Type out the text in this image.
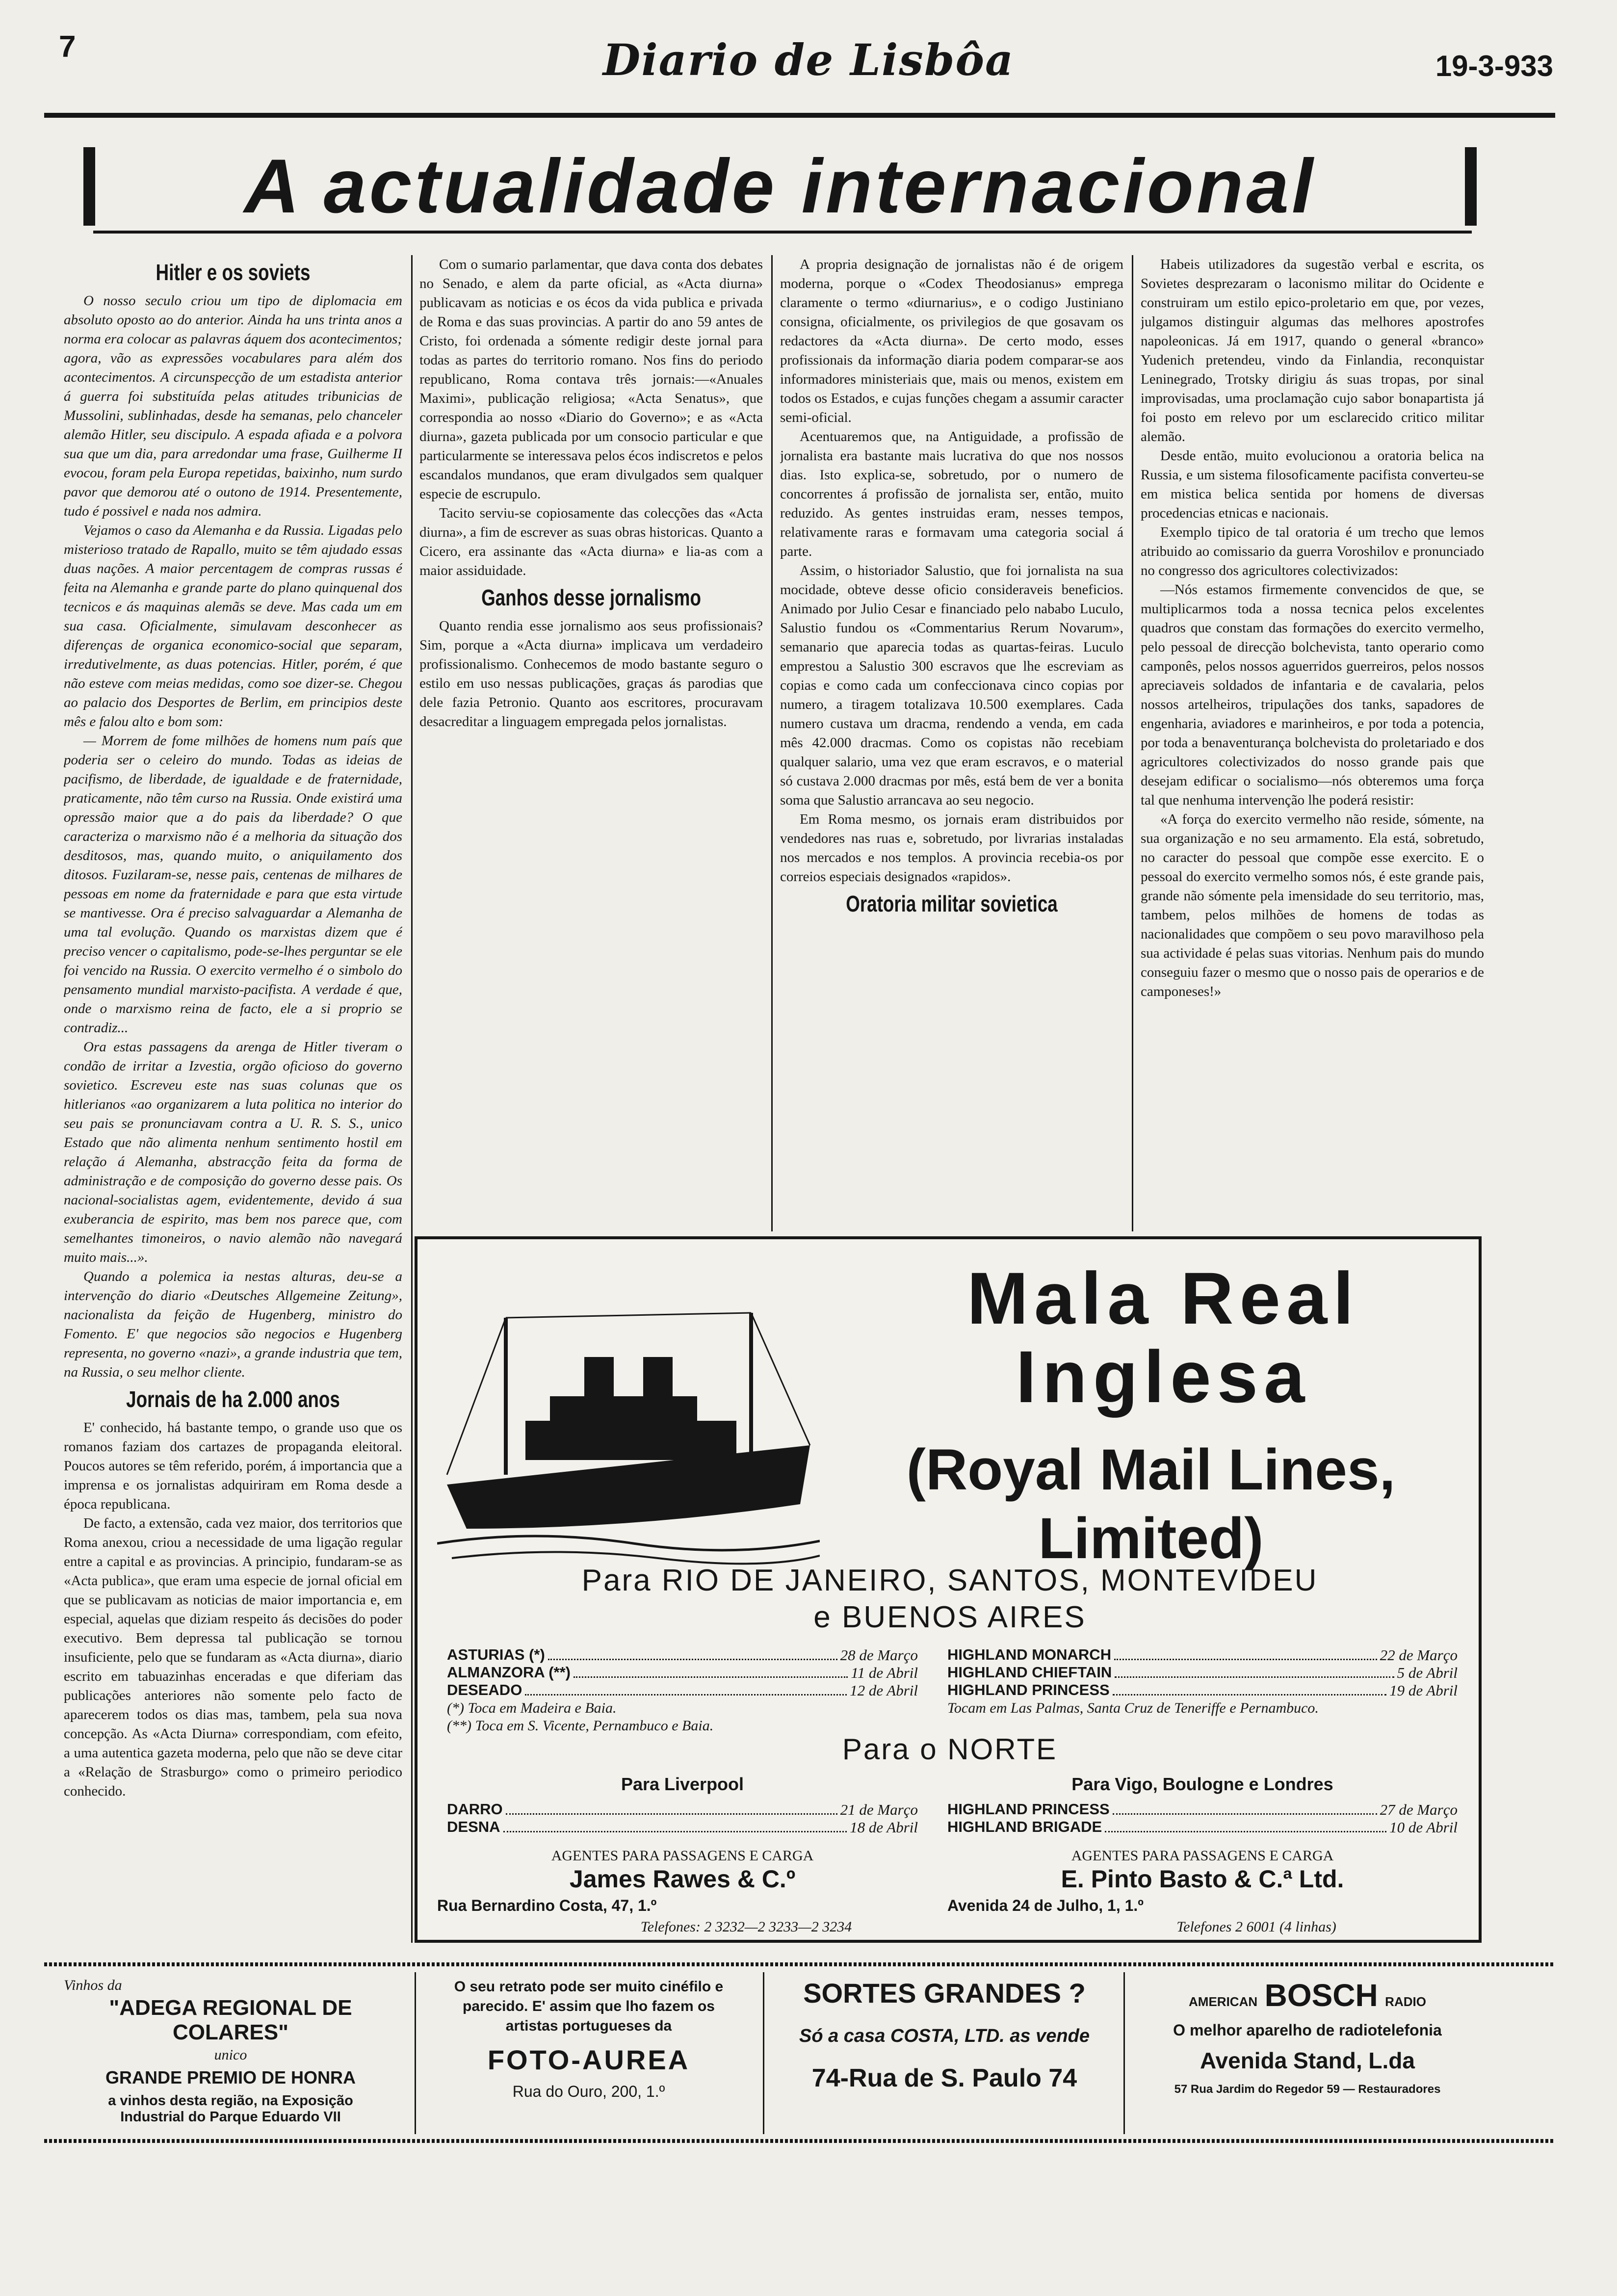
7	Diario de Lisbôa	19-3-933
A actualidade internacional
Hitler e os soviets

O nosso seculo criou um tipo de diplomacia em absoluto oposto ao do anterior. Ainda ha uns trinta anos a norma era colocar as palavras áquem dos acontecimentos; agora, vão as expressões vocabulares para além dos acontecimentos. A circunspecção de um estadista anterior á guerra foi substituída pelas atitudes tribunicias de Mussolini, sublinhadas, desde ha semanas, pelo chanceler alemão Hitler, seu discipulo. A espada afiada e a polvora sua que um dia, para arredondar uma frase, Guilherme II evocou, foram pela Europa repetidas, baixinho, num surdo pavor que demorou até o outono de 1914. Presentemente, tudo é possivel e nada nos admira.

Vejamos o caso da Alemanha e da Russia. Ligadas pelo misterioso tratado de Rapallo, muito se têm ajudado essas duas nações. A maior percentagem de compras russas é feita na Alemanha e grande parte do plano quinquenal dos tecnicos e ás maquinas alemãs se deve. Mas cada um em sua casa. Oficialmente, simulavam desconhecer as diferenças de organica economico-social que separam, irredutivelmente, as duas potencias. Hitler, porém, é que não esteve com meias medidas, como soe dizer-se. Chegou ao palacio dos Desportes de Berlim, em principios deste mês e falou alto e bom som:

— Morrem de fome milhões de homens num país que poderia ser o celeiro do mundo. Todas as ideias de pacifismo, de liberdade, de igualdade e de fraternidade, praticamente, não têm curso na Russia. Onde existirá uma opressão maior que a do pais da liberdade? O que caracteriza o marxismo não é a melhoria da situação dos desditosos, mas, quando muito, o aniquilamento dos ditosos. Fuzilaram-se, nesse pais, centenas de milhares de pessoas em nome da fraternidade e para que esta virtude se mantivesse. Ora é preciso salvaguardar a Alemanha de uma tal evolução. Quando os marxistas dizem que é preciso vencer o capitalismo, pode-se-lhes perguntar se ele foi vencido na Russia. O exercito vermelho é o simbolo do pensamento mundial marxisto-pacifista. A verdade é que, onde o marxismo reina de facto, ele a si proprio se contradiz...

Ora estas passagens da arenga de Hitler tiveram o condão de irritar a Izvestia, orgão oficioso do governo sovietico. Escreveu este nas suas colunas que os hitlerianos «ao organizarem a luta politica no interior do seu pais se pronunciavam contra a U. R. S. S., unico Estado que não alimenta nenhum sentimento hostil em relação á Alemanha, abstracção feita da forma de administração e de composição do governo desse pais. Os nacional-socialistas agem, evidentemente, devido á sua exuberancia de espirito, mas bem nos parece que, com semelhantes timoneiros, o navio alemão não navegará muito mais...».

Quando a polemica ia nestas alturas, deu-se a intervenção do diario «Deutsches Allgemeine Zeitung», nacionalista da feição de Hugenberg, ministro do Fomento. E' que negocios são negocios e Hugenberg representa, no governo «nazi», a grande industria que tem, na Russia, o seu melhor cliente.

Jornais de ha 2.000 anos

E' conhecido, há bastante tempo, o grande uso que os romanos faziam dos cartazes de propaganda eleitoral. Poucos autores se têm referido, porém, á importancia que a imprensa e os jornalistas adquiriram em Roma desde a época republicana.

De facto, a extensão, cada vez maior, dos territorios que Roma anexou, criou a necessidade de uma ligação regular entre a capital e as provincias. A principio, fundaram-se as «Acta publica», que eram uma especie de jornal oficial em que se publicavam as noticias de maior importancia e, em especial, aquelas que diziam respeito ás decisões do poder executivo. Bem depressa tal publicação se tornou insuficiente, pelo que se fundaram as «Acta diurna», diario escrito em tabuazinhas enceradas e que diferiam das publicações anteriores não somente pelo facto de aparecerem todos os dias mas, tambem, pela sua nova concepção. As «Acta Diurna» correspondiam, com efeito, a uma autentica gazeta moderna, pelo que não se deve citar a «Relação de Strasburgo» como o primeiro periodico conhecido.

Com o sumario parlamentar, que dava conta dos debates no Senado, e alem da parte oficial, as «Acta diurna» publicavam as noticias e os écos da vida publica e privada de Roma e das suas provincias. A partir do ano 59 antes de Cristo, foi ordenada a sómente redigir deste jornal para todas as partes do territorio romano. Nos fins do periodo republicano, Roma contava três jornais:—«Anuales Maximi», publicação religiosa; «Acta Senatus», que correspondia ao nosso «Diario do Governo»; e as «Acta diurna», gazeta publicada por um consocio particular e que particularmente se interessava pelos écos indiscretos e pelos escandalos mundanos, que eram divulgados sem qualquer especie de escrupulo.

Tacito serviu-se copiosamente das colecções das «Acta diurna», a fim de escrever as suas obras historicas. Quanto a Cicero, era assinante das «Acta diurna» e lia-as com a maior assiduidade.

Ganhos desse jornalismo

Quanto rendia esse jornalismo aos seus profissionais? Sim, porque a «Acta diurna» implicava um verdadeiro profissionalismo. Conhecemos de modo bastante seguro o estilo em uso nessas publicações, graças ás parodias que dele fazia Petronio. Quanto aos escritores, procuravam desacreditar a linguagem empregada pelos jornalistas.

A propria designação de jornalistas não é de origem moderna, porque o «Codex Theodosianus» emprega claramente o termo «diurnarius», e o codigo Justiniano consigna, oficialmente, os privilegios de que gosavam os redactores da «Acta diurna». De certo modo, esses profissionais da informação diaria podem comparar-se aos informadores ministeriais que, mais ou menos, existem em todos os Estados, e cujas funções chegam a assumir caracter semi-oficial.

Acentuaremos que, na Antiguidade, a profissão de jornalista era bastante mais lucrativa do que nos nossos dias. Isto explica-se, sobretudo, por o numero de concorrentes á profissão de jornalista ser, então, muito reduzido. As gentes instruidas eram, nesses tempos, relativamente raras e formavam uma categoria social á parte.

Assim, o historiador Salustio, que foi jornalista na sua mocidade, obteve desse oficio consideraveis beneficios. Animado por Julio Cesar e financiado pelo nababo Luculo, Salustio fundou os «Commentarius Rerum Novarum», semanario que aparecia todas as quartas-feiras. Luculo emprestou a Salustio 300 escravos que lhe escreviam as copias e como cada um confeccionava cinco copias por numero, a tiragem totalizava 10.500 exemplares. Cada numero custava um dracma, rendendo a venda, em cada mês 42.000 dracmas. Como os copistas não recebiam qualquer salario, uma vez que eram escravos, e o material só custava 2.000 dracmas por mês, está bem de ver a bonita soma que Salustio arrancava ao seu negocio.

Em Roma mesmo, os jornais eram distribuidos por vendedores nas ruas e, sobretudo, por livrarias instaladas nos mercados e nos templos. A provincia recebia-os por correios especiais designados «rapidos».

Oratoria militar sovietica

Habeis utilizadores da sugestão verbal e escrita, os Sovietes desprezaram o laconismo militar do Ocidente e construiram um estilo epico-proletario em que, por vezes, julgamos distinguir algumas das melhores apostrofes napoleonicas. Já em 1917, quando o general «branco» Yudenich pretendeu, vindo da Finlandia, reconquistar Leninegrado, Trotsky dirigiu ás suas tropas, por sinal improvisadas, uma proclamação cujo sabor bonapartista já foi posto em relevo por um esclarecido critico militar alemão.

Desde então, muito evolucionou a oratoria belica na Russia, e um sistema filosoficamente pacifista converteu-se em mistica belica sentida por homens de diversas procedencias etnicas e nacionais.

Exemplo tipico de tal oratoria é um trecho que lemos atribuido ao comissario da guerra Voroshilov e pronunciado no congresso dos agricultores colectivizados:

—Nós estamos firmemente convencidos de que, se multiplicarmos toda a nossa tecnica pelos excelentes quadros que constam das formações do exercito vermelho, pelo pessoal de direcção bolchevista, tanto operario como camponês, pelos nossos aguerridos guerreiros, pelos nossos apreciaveis soldados de infantaria e de cavalaria, pelos nossos artelheiros, tripulações dos tanks, sapadores de engenharia, aviadores e marinheiros, e por toda a potencia, por toda a benaventurança bolchevista do proletariado e dos agricultores colectivizados do nosso grande pais que desejam edificar o socialismo—nós obteremos uma força tal que nenhuma intervenção lhe poderá resistir:

«A força do exercito vermelho não reside, sómente, na sua organização e no seu armamento. Ela está, sobretudo, no caracter do pessoal que compõe esse exercito. E o pessoal do exercito vermelho somos nós, é este grande pais, grande não sómente pela imensidade do seu territorio, mas, tambem, pelos milhões de homens de todas as nacionalidades que compõem o seu povo maravilhoso pela sua actividade é pelas suas vitorias. Nenhum pais do mundo conseguiu fazer o mesmo que o nosso pais de operarios e de camponeses!»

Mala Real
Inglesa
(Royal Mail Lines, Limited)
Para RIO DE JANEIRO, SANTOS, MONTEVIDEU
e BUENOS AIRES
ASTURIAS (*)	28 de Março
ALMANZORA (**)	11 de Abril
DESEADO	12 de Abril
(*) Toca em Madeira e Baia.
(**) Toca em S. Vicente, Pernambuco e Baia.
HIGHLAND MONARCH	22 de Março
HIGHLAND CHIEFTAIN	5 de Abril
HIGHLAND PRINCESS	19 de Abril
Tocam em Las Palmas, Santa Cruz de Teneriffe e Pernambuco.
Para o NORTE
Para Liverpool
DARRO	21 de Março
DESNA	18 de Abril
Para Vigo, Boulogne e Londres
HIGHLAND PRINCESS	27 de Março
HIGHLAND BRIGADE	10 de Abril
AGENTES PARA PASSAGENS E CARGA
James Rawes & C.º
Rua Bernardino Costa, 47, 1.º
Telefones: 2 3232—2 3233—2 3234
AGENTES PARA PASSAGENS E CARGA
E. Pinto Basto & C.ª Ltd.
Avenida 24 de Julho, 1, 1.º
Telefones 2 6001 (4 linhas)
Vinhos da
"ADEGA REGIONAL DE COLARES"
unico
GRANDE PREMIO DE HONRA
a vinhos desta região, na Exposição
Industrial do Parque Eduardo VII
O seu retrato pode ser muito cinéfilo e parecido. E' assim que lho fazem os artistas portugueses da
FOTO-AUREA
Rua do Ouro, 200, 1.º
SORTES GRANDES ?
Só a casa COSTA, LTD. as vende
74-Rua de S. Paulo 74
AMERICAN BOSCH RADIO
O melhor aparelho de radiotelefonia
Avenida Stand, L.da
57 Rua Jardim do Regedor 59 — Restauradores
